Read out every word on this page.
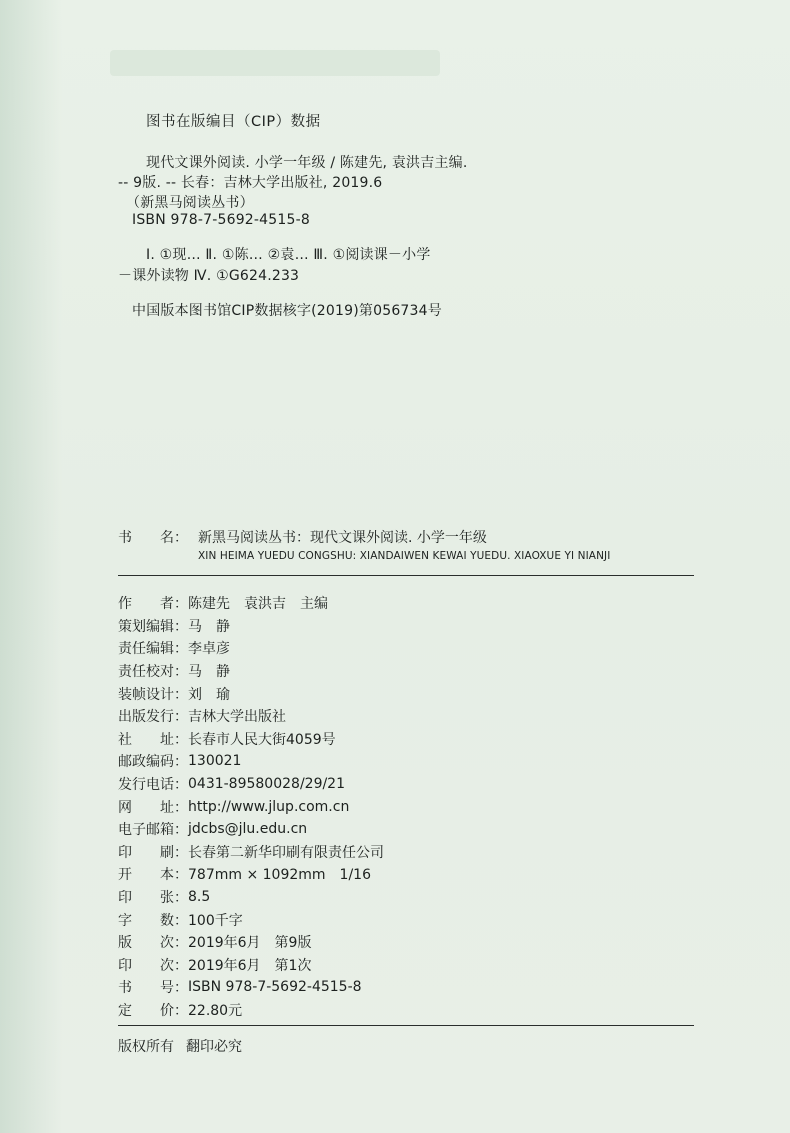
图书在版编目（CIP）数据
现代文课外阅读. 小学一年级 / 陈建先, 袁洪吉主编.
-- 9版. -- 长春：吉林大学出版社, 2019.6
（新黑马阅读丛书）
ISBN 978-7-5692-4515-8
Ⅰ. ①现… Ⅱ. ①陈… ②袁… Ⅲ. ①阅读课－小学
－课外读物 Ⅳ. ①G624.233
中国版本图书馆CIP数据核字(2019)第056734号
书 名： 新黑马阅读丛书：现代文课外阅读. 小学一年级
XIN HEIMA YUEDU CONGSHU: XIANDAIWEN KEWAI YUEDU. XIAOXUE YI NIANJI
作 者 ： 陈建先　袁洪吉　主编
策 划 编 辑 ： 马　静
责 任 编 辑 ： 李卓彦
责 任 校 对 ： 马　静
装 帧 设 计 ： 刘　瑜
出 版 发 行 ： 吉林大学出版社
社 址 ： 长春市人民大街4059号
邮 政 编 码 ： 130021
发 行 电 话 ： 0431-89580028/29/21
网 址 ： http://www.jlup.com.cn
电 子 邮 箱 ： jdcbs@jlu.edu.cn
印 刷 ： 长春第二新华印刷有限责任公司
开 本 ： 787mm × 1092mm　1/16
印 张 ： 8.5
字 数 ： 100千字
版 次 ： 2019年6月　第9版
印 次 ： 2019年6月　第1次
书 号 ： ISBN 978-7-5692-4515-8
定 价 ： 22.80元
版权所有 翻印必究
